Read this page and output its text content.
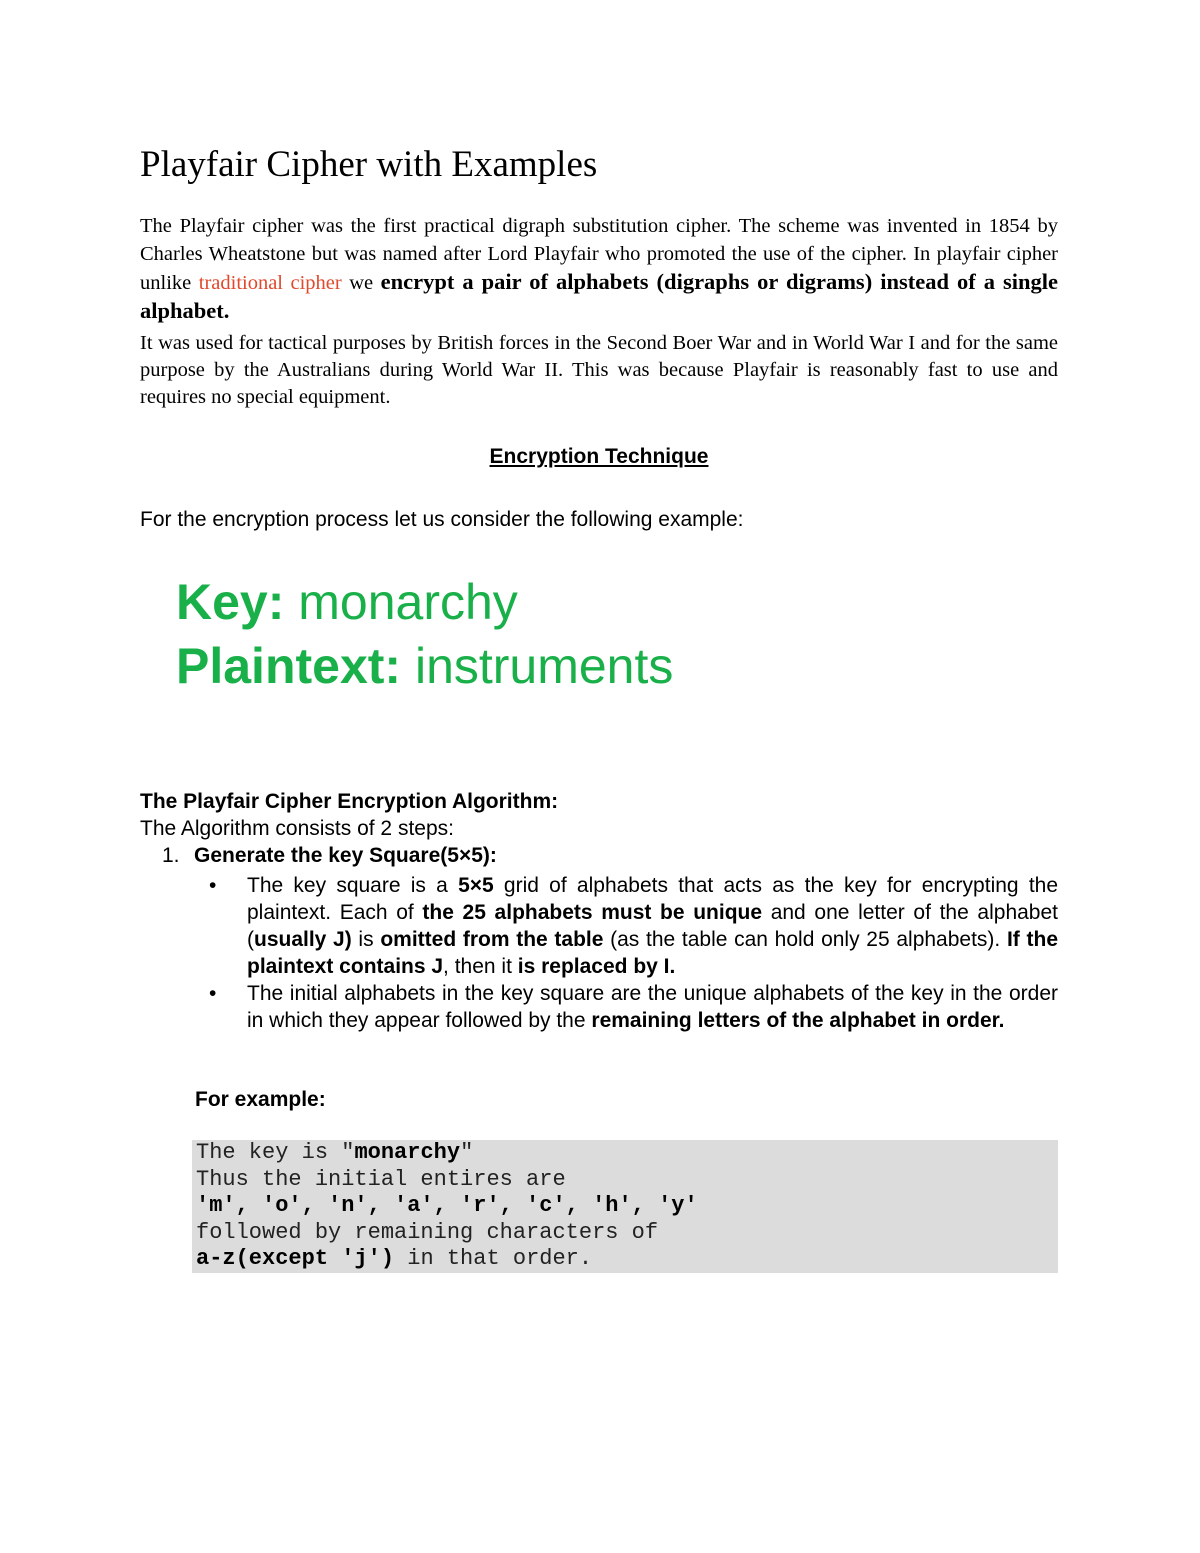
Playfair Cipher with Examples

The Playfair cipher was the first practical digraph substitution cipher. The scheme was invented in 1854 by Charles Wheatstone but was named after Lord Playfair who promoted the use of the cipher. In playfair cipher unlike traditional cipher we encrypt a pair of alphabets (digraphs or digrams) instead of a single alphabet.

It was used for tactical purposes by British forces in the Second Boer War and in World War I and for the same purpose by the Australians during World War II. This was because Playfair is reasonably fast to use and requires no special equipment.

Encryption Technique

For the encryption process let us consider the following example:

Key: monarchy
Plaintext: instruments

The Playfair Cipher Encryption Algorithm:

The Algorithm consists of 2 steps:

1. Generate the key Square(5×5):

• The key square is a 5×5 grid of alphabets that acts as the key for encrypting the plaintext. Each of the 25 alphabets must be unique and one letter of the alphabet (usually J) is omitted from the table (as the table can hold only 25 alphabets). If the plaintext contains J, then it is replaced by I.
• The initial alphabets in the key square are the unique alphabets of the key in the order in which they appear followed by the remaining letters of the alphabet in order.

For example:

The key is "monarchy"
Thus the initial entires are
'm', 'o', 'n', 'a', 'r', 'c', 'h', 'y'
followed by remaining characters of
a-z(except 'j') in that order.
